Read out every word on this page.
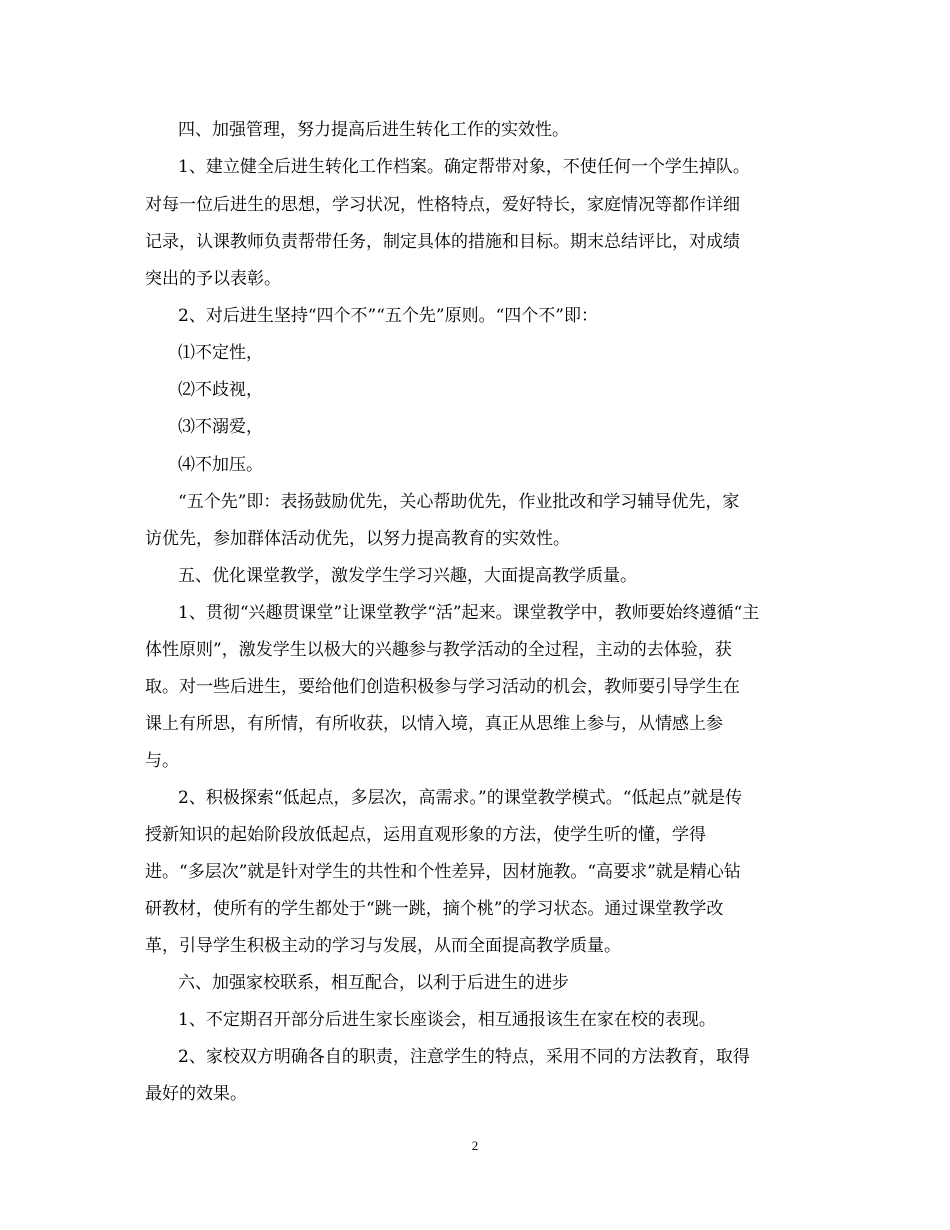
四、加强管理，努力提高后进生转化工作的实效性。
1、建立健全后进生转化工作档案。确定帮带对象，不使任何一个学生掉队。
对每一位后进生的思想，学习状况，性格特点，爱好特长，家庭情况等都作详细
记录，认课教师负责帮带任务，制定具体的措施和目标。期末总结评比，对成绩
突出的予以表彰。
2、对后进生坚持“四个不”“五个先”原则。“四个不”即：
⑴不定性，
⑵不歧视，
⑶不溺爱，
⑷不加压。
“五个先”即：表扬鼓励优先，关心帮助优先，作业批改和学习辅导优先，家
访优先，参加群体活动优先，以努力提高教育的实效性。
五、优化课堂教学，激发学生学习兴趣，大面提高教学质量。
1、贯彻“兴趣贯课堂”让课堂教学“活”起来。课堂教学中，教师要始终遵循“主
体性原则”，激发学生以极大的兴趣参与教学活动的全过程，主动的去体验，获
取。对一些后进生，要给他们创造积极参与学习活动的机会，教师要引导学生在
课上有所思，有所情，有所收获，以情入境，真正从思维上参与，从情感上参
与。
2、积极探索“低起点，多层次，高需求。”的课堂教学模式。“低起点”就是传
授新知识的起始阶段放低起点，运用直观形象的方法，使学生听的懂，学得
进。“多层次”就是针对学生的共性和个性差异，因材施教。“高要求”就是精心钻
研教材，使所有的学生都处于“跳一跳，摘个桃”的学习状态。通过课堂教学改
革，引导学生积极主动的学习与发展，从而全面提高教学质量。
六、加强家校联系，相互配合，以利于后进生的进步
1、不定期召开部分后进生家长座谈会，相互通报该生在家在校的表现。
2、家校双方明确各自的职责，注意学生的特点，采用不同的方法教育，取得
最好的效果。
2
